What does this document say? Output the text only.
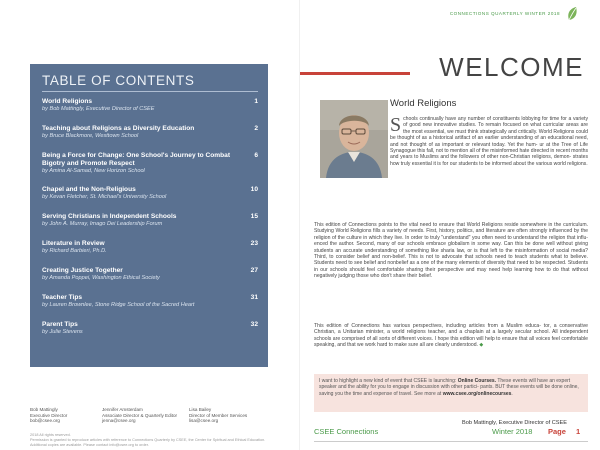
TABLE OF CONTENTS
World Religions
by Bob Mattingly, Executive Director of CSEE
1
Teaching about Religions as Diversity Education
by Bruce Blackmore, Westtown School
2
Being a Force for Change: One School's Journey to Combat Bigotry and Promote Respect
by Amina Al-Samad, New Horizon School
6
Chapel and the Non-Religious
by Kevan Fletcher, St. Michael's University School
10
Serving Christians in Independent Schools
by John A. Murray, Imago Dei Leadership Forum
15
Literature in Review
by Richard Barbieri, Ph.D.
23
Creating Justice Together
by Amanda Poppei, Washington Ethical Society
27
Teacher Tips
by Lauren Brownlee, Stone Ridge School of the Sacred Heart
31
Parent Tips
by Julie Stevens
32
Bob Mattingly
Executive Director
bob@csee.org
Jennifer Amsterdam
Associate Director & Quarterly Editor
jenna@csee.org
Lisa Bailey
Director of Member Services
lisa@csee.org
2018 All rights reserved.
Permission is granted to reproduce articles with reference to Connections Quarterly by CSEE, the Center for Spiritual and Ethical Education.
Additional copies are available. Please contact info@csee.org to order.
CONNECTIONS QUARTERLY WINTER 2018
WELCOME
World Religions

Schools continually have any number of constituents lobbying for time for a variety of good new innovative studies. To remain focused on what curricular areas are the most essential, we must think strategically and critically. World Religions could be thought of as a historical artifact of an earlier understanding of an educational need, and not thought of as important or relevant today. Yet the hum- ur at the Tree of Life Synagogue this fall, not to mention all of the misinformed hate directed in recent months and years to Muslims and the followers of other non-Christian religions, demon- strates how truly essential it is for our students to be informed about the various world religions.

This edition of Connections points to the vital need to ensure that World Religions reside somewhere in the curriculum. Studying World Religions fills a variety of needs. First, history, politics, and literature are often strongly influenced by the religion of the culture in which they live. In order to truly "understand" you often need to understand the religion that influ- enced the author. Second, many of our schools embrace globalism in some way. Can this be done well without giving students an accurate understanding of something like sharia law, or is that left to the misinformation of social media? Third, to consider belief and non-belief. This is not to advocate that schools need to teach students what to believe. Students need to see belief and nonbelief as a one of the many elements of diversity that need to be respected. Students in our schools should feel comfortable sharing their perspective and may need help learning how to do that without negatively judging those who don't share their belief.

This edition of Connections has various perspectives, including articles from a Muslim educa- tor, a conservative Christian, a Unitarian minister, a world religions teacher, and a chaplain at a largely secular school. All independent schools are comprised of all sorts of different voices. I hope this edition will help to ensure that all voices feel comfortable speaking, and that we work hard to make sure all are clearly understood. ◆

I want to highlight a new kind of event that CSEE is launching: Online Courses. These events will have an expert speaker and the ability for you to engage in discussion with other partici- pants. BUT these events will be done online, saving you the time and expense of travel. See more at www.csee.org/onlinecourses.

Bob Mattingly, Executive Director of CSEE
CSEE Connections	Winter 2018 Page 1
